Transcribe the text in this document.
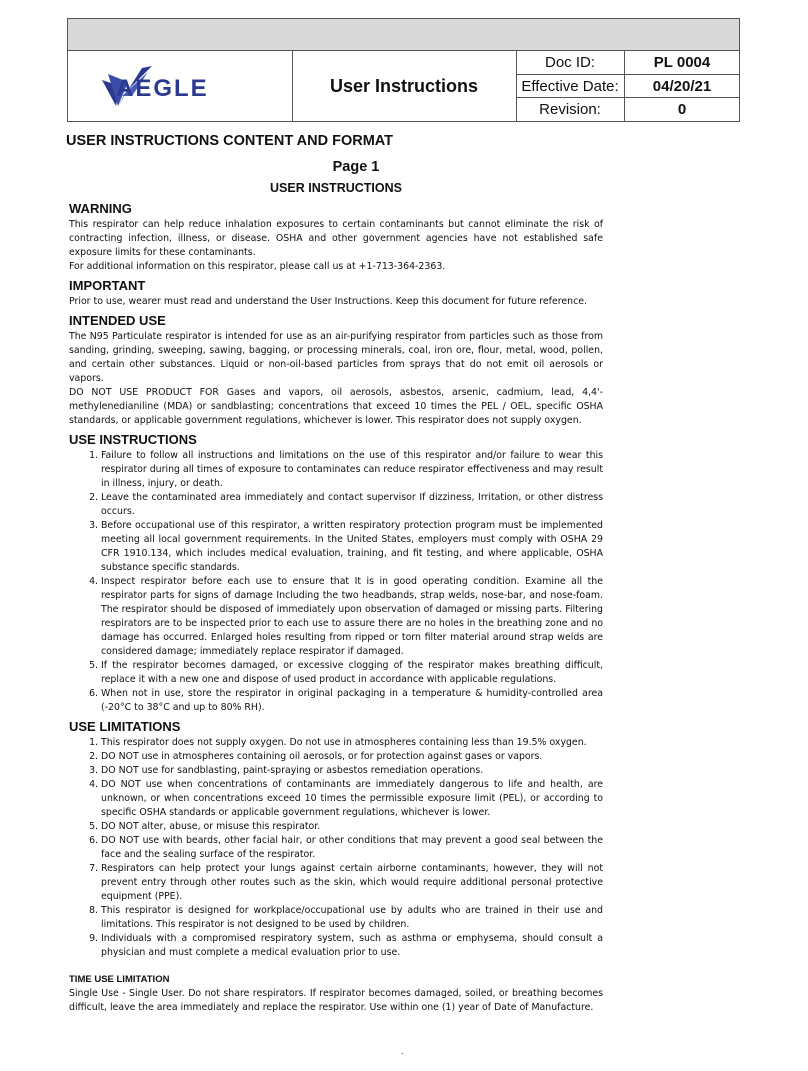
AEGLE	User Instructions
Doc ID:	PL 0004
Effective Date:	04/20/21
Revision:	0
USER INSTRUCTIONS CONTENT AND FORMAT
Page 1
USER INSTRUCTIONS
WARNING

This respirator can help reduce inhalation exposures to certain contaminants but cannot eliminate the risk of contracting infection, illness, or disease. OSHA and other government agencies have not established safe exposure limits for these contaminants.

For additional information on this respirator, please call us at +1-713-364-2363.

IMPORTANT

Prior to use, wearer must read and understand the User Instructions. Keep this document for future reference.

INTENDED USE

The N95 Particulate respirator is intended for use as an air-purifying respirator from particles such as those from sanding, grinding, sweeping, sawing, bagging, or processing minerals, coal, iron ore, flour, metal, wood, pollen, and certain other substances. Liquid or non-oil-based particles from sprays that do not emit oil aerosols or vapors.

DO NOT USE PRODUCT FOR Gases and vapors, oil aerosols, asbestos, arsenic, cadmium, lead, 4,4'-methylenedianiline (MDA) or sandblasting; concentrations that exceed 10 times the PEL / OEL, specific OSHA standards, or applicable government regulations, whichever is lower. This respirator does not supply oxygen.

USE INSTRUCTIONS
1. Failure to follow all instructions and limitations on the use of this respirator and/or failure to wear this respirator during all times of exposure to contaminates can reduce respirator effectiveness and may result in illness, injury, or death.
2. Leave the contaminated area immediately and contact supervisor If dizziness, Irritation, or other distress occurs.
3. Before occupational use of this respirator, a written respiratory protection program must be implemented meeting all local government requirements. In the United States, employers must comply with OSHA 29 CFR 1910.134, which includes medical evaluation, training, and fit testing, and where applicable, OSHA substance specific standards.
4. Inspect respirator before each use to ensure that It is in good operating condition. Examine all the respirator parts for signs of damage Including the two headbands, strap welds, nose-bar, and nose-foam. The respirator should be disposed of immediately upon observation of damaged or missing parts. Filtering respirators are to be inspected prior to each use to assure there are no holes in the breathing zone and no damage has occurred. Enlarged holes resulting from ripped or torn filter material around strap welds are considered damage; immediately replace respirator if damaged.
5. If the respirator becomes damaged, or excessive clogging of the respirator makes breathing difficult, replace it with a new one and dispose of used product in accordance with applicable regulations.
6. When not in use, store the respirator in original packaging in a temperature & humidity-controlled area (-20°C to 38°C and up to 80% RH).
USE LIMITATIONS
1. This respirator does not supply oxygen. Do not use in atmospheres containing less than 19.5% oxygen.
2. DO NOT use in atmospheres containing oil aerosols, or for protection against gases or vapors.
3. DO NOT use for sandblasting, paint-spraying or asbestos remediation operations.
4. DO NOT use when concentrations of contaminants are immediately dangerous to life and health, are unknown, or when concentrations exceed 10 times the permissible exposure limit (PEL), or according to specific OSHA standards or applicable government regulations, whichever is lower.
5. DO NOT alter, abuse, or misuse this respirator.
6. DO NOT use with beards, other facial hair, or other conditions that may prevent a good seal between the face and the sealing surface of the respirator.
7. Respirators can help protect your lungs against certain airborne contaminants, however, they will not prevent entry through other routes such as the skin, which would require additional personal protective equipment (PPE).
8. This respirator is designed for workplace/occupational use by adults who are trained in their use and limitations. This respirator is not designed to be used by children.
9. Individuals with a compromised respiratory system, such as asthma or emphysema, should consult a physician and must complete a medical evaluation prior to use.
TIME USE LIMITATION

Single Use - Single User. Do not share respirators. If respirator becomes damaged, soiled, or breathing becomes difficult, leave the area immediately and replace the respirator. Use within one (1) year of Date of Manufacture.

.
